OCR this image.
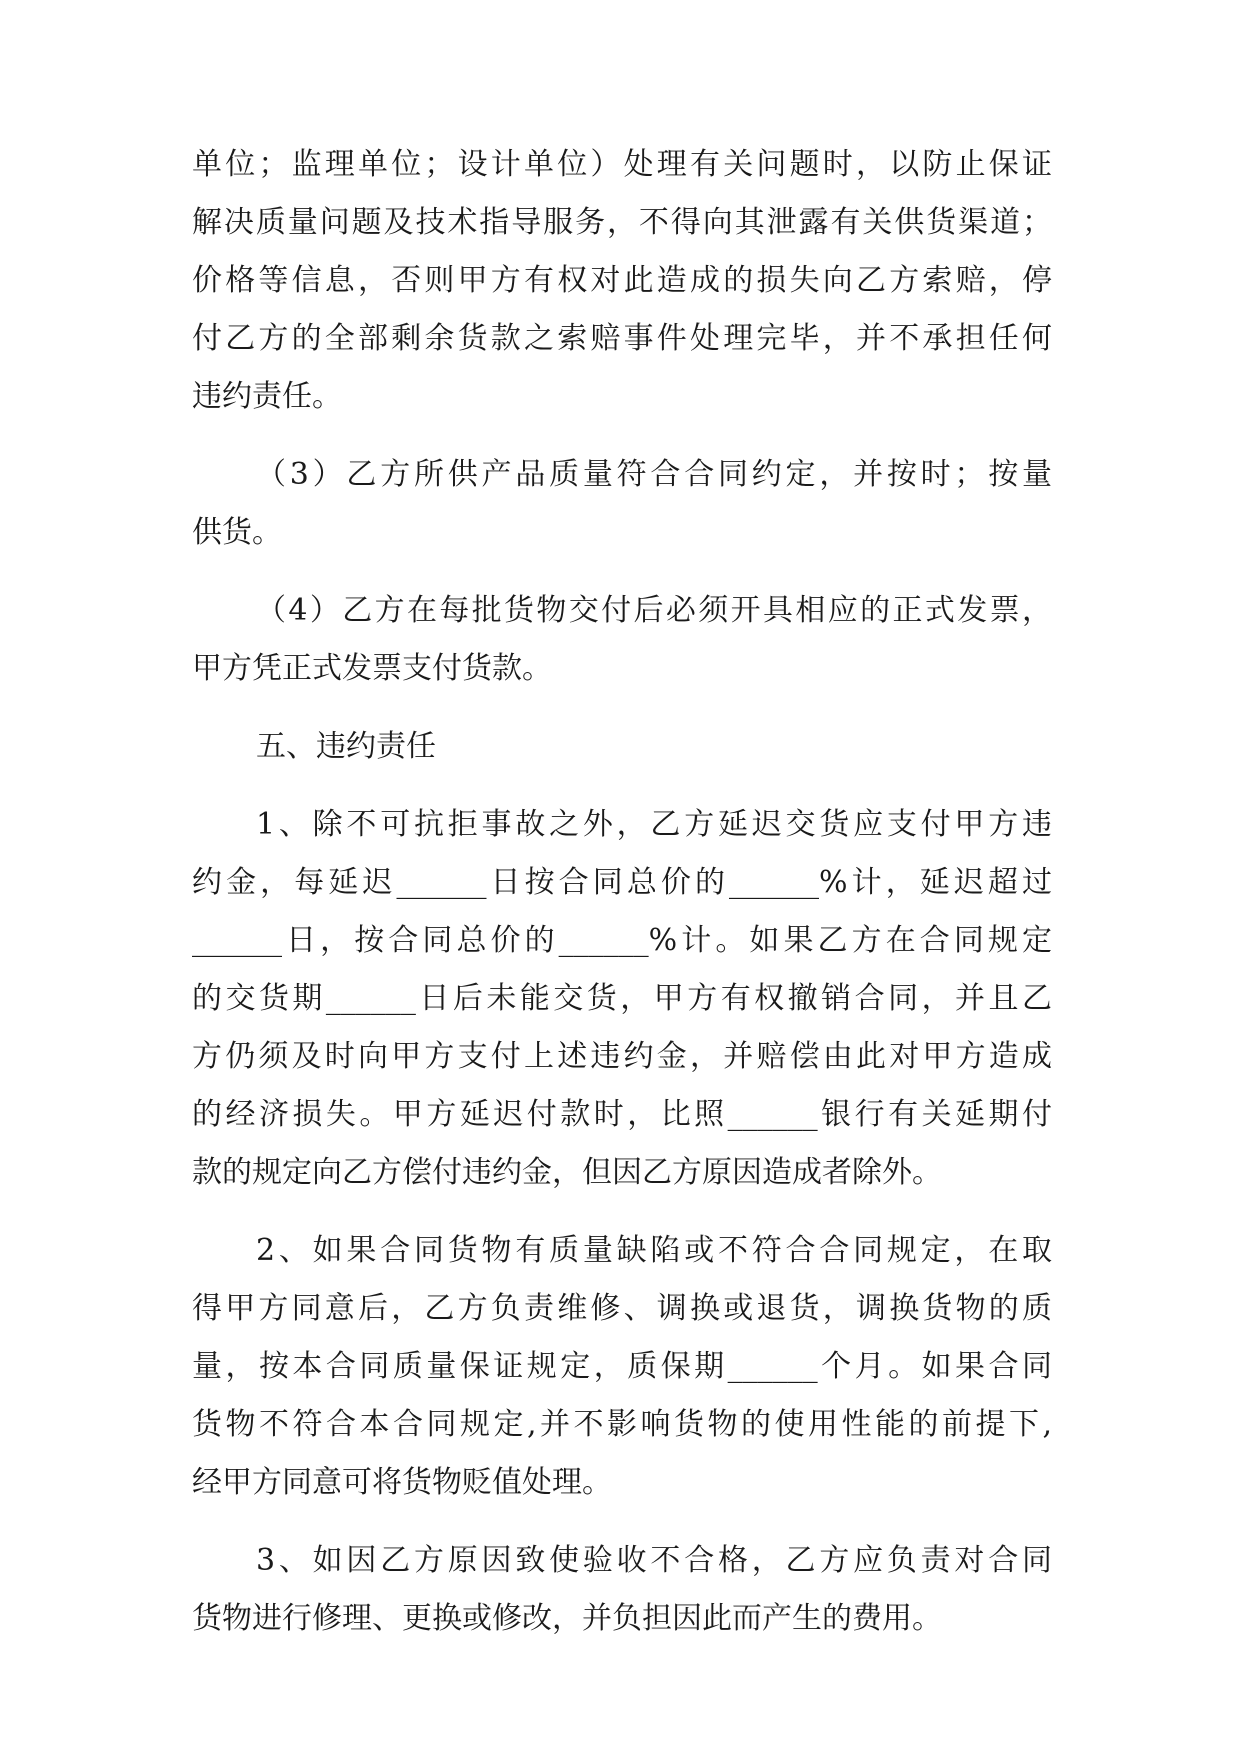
单位；监理单位；设计单位）处理有关问题时，以防止保证
解决质量问题及技术指导服务，不得向其泄露有关供货渠道；
价格等信息，否则甲方有权对此造成的损失向乙方索赔，停
付乙方的全部剩余货款之索赔事件处理完毕，并不承担任何
违约责任。
（3）乙方所供产品质量符合合同约定，并按时；按量
供货。
（4）乙方在每批货物交付后必须开具相应的正式发票，
甲方凭正式发票支付货款。
五、违约责任
1、除不可抗拒事故之外，乙方延迟交货应支付甲方违
约金，每延迟______日按合同总价的______%计，延迟超过
______日，按合同总价的______%计。如果乙方在合同规定
的交货期______日后未能交货，甲方有权撤销合同，并且乙
方仍须及时向甲方支付上述违约金，并赔偿由此对甲方造成
的经济损失。甲方延迟付款时，比照______银行有关延期付
款的规定向乙方偿付违约金，但因乙方原因造成者除外。
2、如果合同货物有质量缺陷或不符合合同规定，在取
得甲方同意后，乙方负责维修、调换或退货，调换货物的质
量，按本合同质量保证规定，质保期______个月。如果合同
货物不符合本合同规定,并不影响货物的使用性能的前提下,
经甲方同意可将货物贬值处理。
3、如因乙方原因致使验收不合格，乙方应负责对合同
货物进行修理、更换或修改，并负担因此而产生的费用。
